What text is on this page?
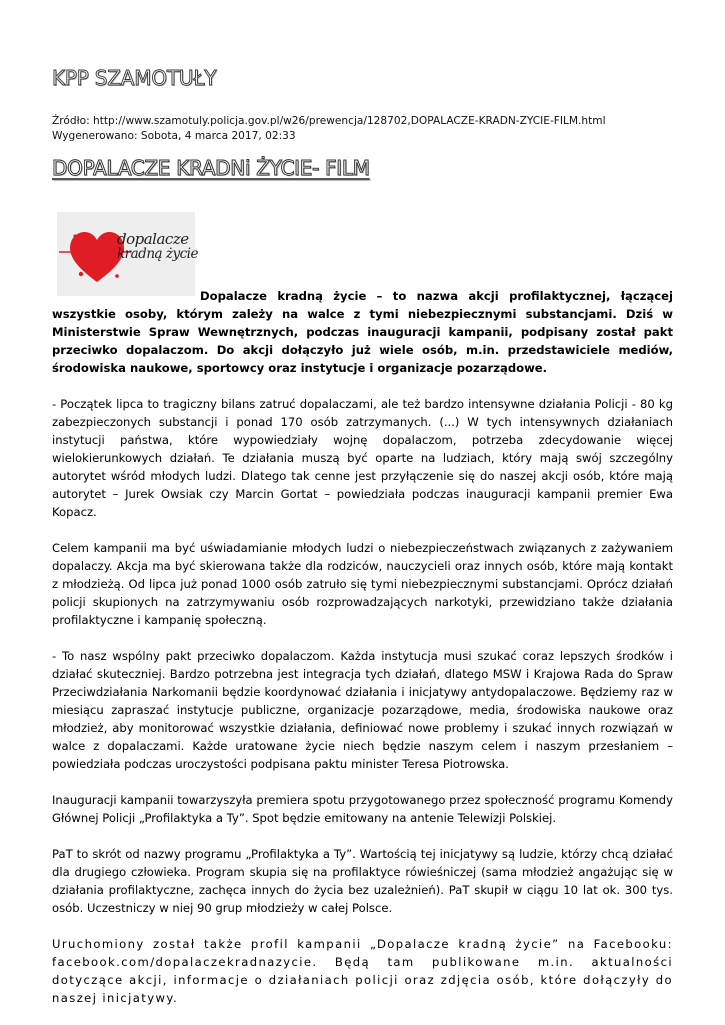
KPP SZAMOTUŁY
Źródło: http://www.szamotuly.policja.gov.pl/w26/prewencja/128702,DOPALACZE-KRADN-ZYCIE-FILM.html
Wygenerowano: Sobota, 4 marca 2017, 02:33
DOPALACZE KRADNi ŻYCIE- FILM
dopalacze
kradną życie

Dopalacze kradną życie – to nazwa akcji profilaktycznej, łączącej wszystkie osoby, którym zależy na walce z tymi niebezpiecznymi substancjami. Dziś w Ministerstwie Spraw Wewnętrznych, podczas inauguracji kampanii, podpisany został pakt przeciwko dopalaczom. Do akcji dołączyło już wiele osób, m.in. przedstawiciele mediów, środowiska naukowe, sportowcy oraz instytucje i organizacje pozarządowe.

- Początek lipca to tragiczny bilans zatruć dopalaczami, ale też bardzo intensywne działania Policji - 80 kg zabezpieczonych substancji i ponad 170 osób zatrzymanych. (...) W tych intensywnych działaniach instytucji państwa, które wypowiedziały wojnę dopalaczom, potrzeba zdecydowanie więcej wielokierunkowych działań. Te działania muszą być oparte na ludziach, który mają swój szczególny autorytet wśród młodych ludzi. Dlatego tak cenne jest przyłączenie się do naszej akcji osób, które mają autorytet – Jurek Owsiak czy Marcin Gortat – powiedziała podczas inauguracji kampanii premier Ewa Kopacz.

Celem kampanii ma być uświadamianie młodych ludzi o niebezpieczeństwach związanych z zażywaniem dopalaczy. Akcja ma być skierowana także dla rodziców, nauczycieli oraz innych osób, które mają kontakt z młodzieżą. Od lipca już ponad 1000 osób zatruło się tymi niebezpiecznymi substancjami. Oprócz działań policji skupionych na zatrzymywaniu osób rozprowadzających narkotyki, przewidziano także działania profilaktyczne i kampanię społeczną.

- To nasz wspólny pakt przeciwko dopalaczom. Każda instytucja musi szukać coraz lepszych środków i działać skuteczniej. Bardzo potrzebna jest integracja tych działań, dlatego MSW i Krajowa Rada do Spraw Przeciwdziałania Narkomanii będzie koordynować działania i inicjatywy antydopalaczowe. Będziemy raz w miesiącu zapraszać instytucje publiczne, organizacje pozarządowe, media, środowiska naukowe oraz młodzież, aby monitorować wszystkie działania, definiować nowe problemy i szukać innych rozwiązań w walce z dopalaczami. Każde uratowane życie niech będzie naszym celem i naszym przesłaniem – powiedziała podczas uroczystości podpisana paktu minister Teresa Piotrowska.

Inauguracji kampanii towarzyszyła premiera spotu przygotowanego przez społeczność programu Komendy Głównej Policji „Profilaktyka a Ty”. Spot będzie emitowany na antenie Telewizji Polskiej.

PaT to skrót od nazwy programu „Profilaktyka a Ty”. Wartością tej inicjatywy są ludzie, którzy chcą działać dla drugiego człowieka. Program skupia się na profilaktyce rówieśniczej (sama młodzież angażując się w działania profilaktyczne, zachęca innych do życia bez uzależnień). PaT skupił w ciągu 10 lat ok. 300 tys. osób. Uczestniczy w niej 90 grup młodzieży w całej Polsce.

Uruchomiony został także profil kampanii „Dopalacze kradną życie” na Facebooku: facebook.com/dopalaczekradnazycie. Będą tam publikowane m.in. aktualności dotyczące akcji, informacje o działaniach policji oraz zdjęcia osób, które dołączyły do naszej inicjatywy.
